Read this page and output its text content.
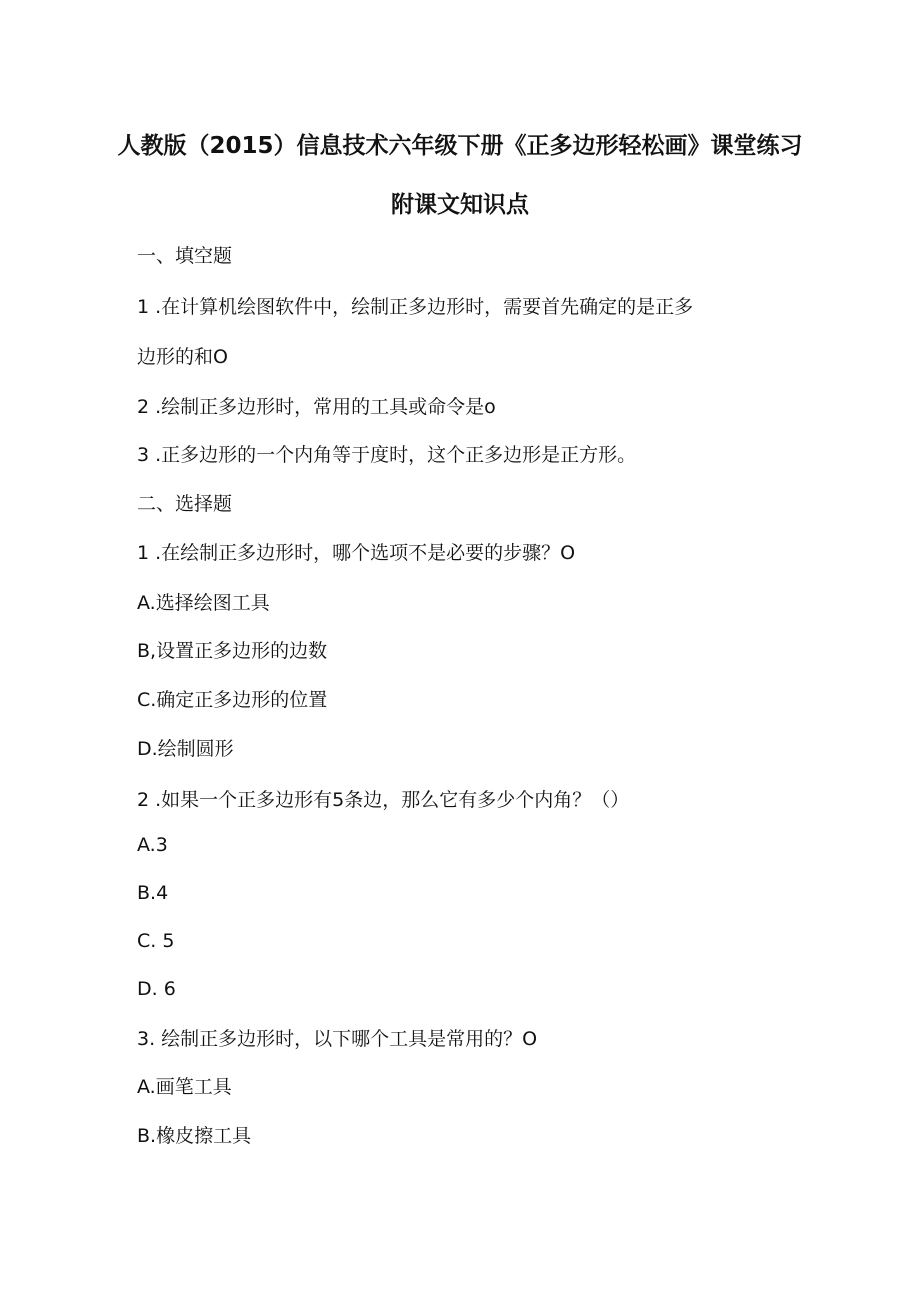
人教版（2015）信息技术六年级下册《正多边形轻松画》课堂练习
附课文知识点
一、填空题
1 .在计算机绘图软件中，绘制正多边形时，需要首先确定的是正多
边形的和O
2 .绘制正多边形时，常用的工具或命令是o
3 .正多边形的一个内角等于度时，这个正多边形是正方形。
二、选择题
1 .在绘制正多边形时，哪个选项不是必要的步骤？O
A.选择绘图工具
B,设置正多边形的边数
C.确定正多边形的位置
D.绘制圆形
2 .如果一个正多边形有5条边，那么它有多少个内角？（）
A.3
B.4
C. 5
D. 6
3. 绘制正多边形时，以下哪个工具是常用的？O
A.画笔工具
B.橡皮擦工具
